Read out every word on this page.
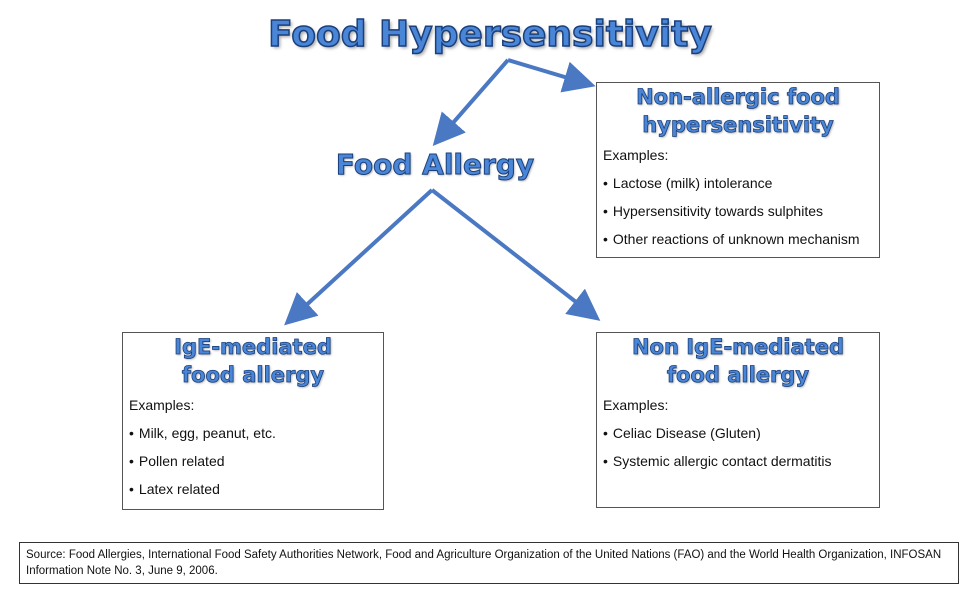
Food Hypersensitivity
Food Allergy
Non-allergic food
hypersensitivity
Examples:
• Lactose (milk) intolerance
• Hypersensitivity towards sulphites
• Other reactions of unknown mechanism
IgE-mediated
food allergy
Examples:
• Milk, egg, peanut, etc.
• Pollen related
• Latex related
Non IgE-mediated
food allergy
Examples:
• Celiac Disease (Gluten)
• Systemic allergic contact dermatitis
Source: Food Allergies, International Food Safety Authorities Network, Food and Agriculture Organization of the United Nations (FAO) and the World Health Organization, INFOSAN Information Note No. 3, June 9, 2006.
